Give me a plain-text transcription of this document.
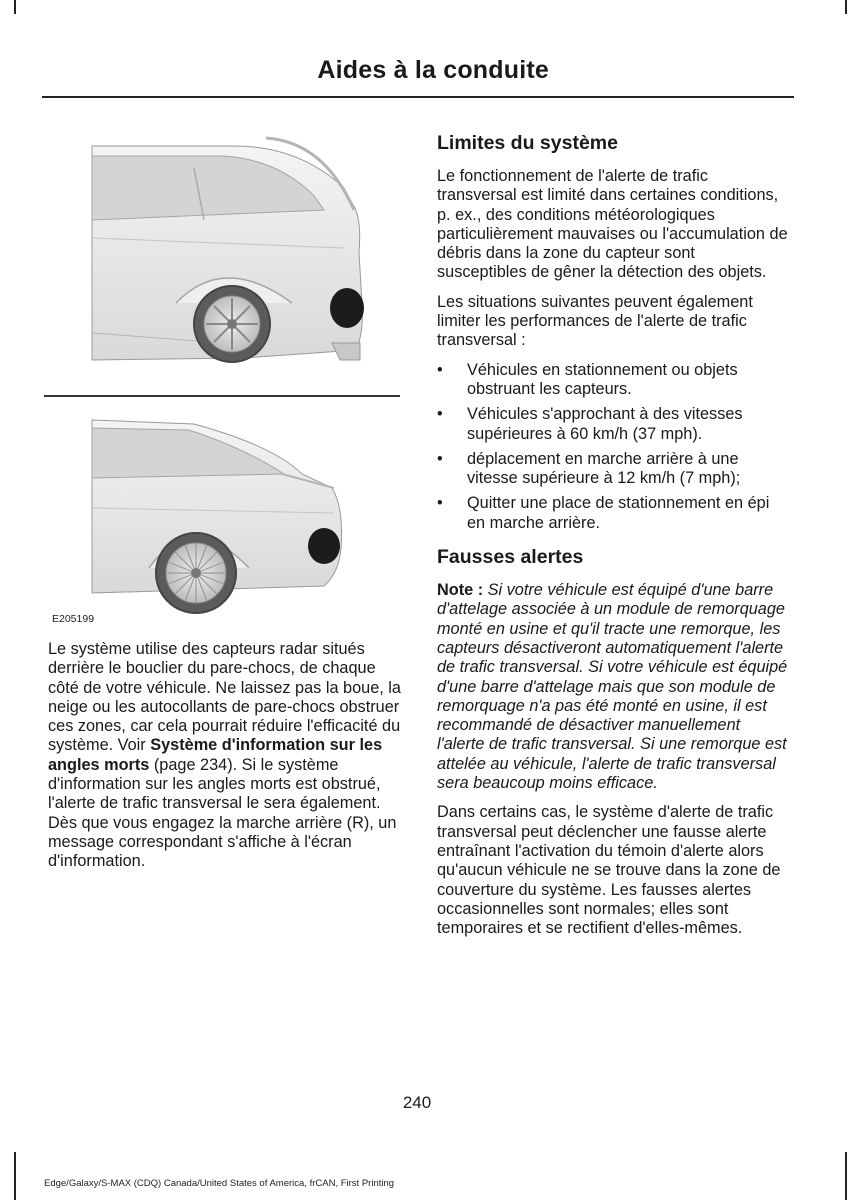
Aides à la conduite
E205199

Le système utilise des capteurs radar situés derrière le bouclier du pare-chocs, de chaque côté de votre véhicule. Ne laissez pas la boue, la neige ou les autocollants de pare-chocs obstruer ces zones, car cela pourrait réduire l'efficacité du système. Voir Système d'information sur les angles morts (page 234). Si le système d'information sur les angles morts est obstrué, l'alerte de trafic transversal le sera également. Dès que vous engagez la marche arrière (R), un message correspondant s'affiche à l'écran d'information.

Limites du système

Le fonctionnement de l'alerte de trafic transversal est limité dans certaines conditions, p. ex., des conditions météorologiques particulièrement mauvaises ou l'accumulation de débris dans la zone du capteur sont susceptibles de gêner la détection des objets.

Les situations suivantes peuvent également limiter les performances de l'alerte de trafic transversal :

• Véhicules en stationnement ou objets obstruant les capteurs.
• Véhicules s'approchant à des vitesses supérieures à 60 km/h (37 mph).
• déplacement en marche arrière à une vitesse supérieure à 12 km/h (7 mph);
• Quitter une place de stationnement en épi en marche arrière.
Fausses alertes

Note : Si votre véhicule est équipé d'une barre d'attelage associée à un module de remorquage monté en usine et qu'il tracte une remorque, les capteurs désactiveront automatiquement l'alerte de trafic transversal. Si votre véhicule est équipé d'une barre d'attelage mais que son module de remorquage n'a pas été monté en usine, il est recommandé de désactiver manuellement l'alerte de trafic transversal. Si une remorque est attelée au véhicule, l'alerte de trafic transversal sera beaucoup moins efficace.

Dans certains cas, le système d'alerte de trafic transversal peut déclencher une fausse alerte entraînant l'activation du témoin d'alerte alors qu'aucun véhicule ne se trouve dans la zone de couverture du système. Les fausses alertes occasionnelles sont normales; elles sont temporaires et se rectifient d'elles-mêmes.

240
Edge/Galaxy/S-MAX (CDQ) Canada/United States of America, frCAN, First Printing
